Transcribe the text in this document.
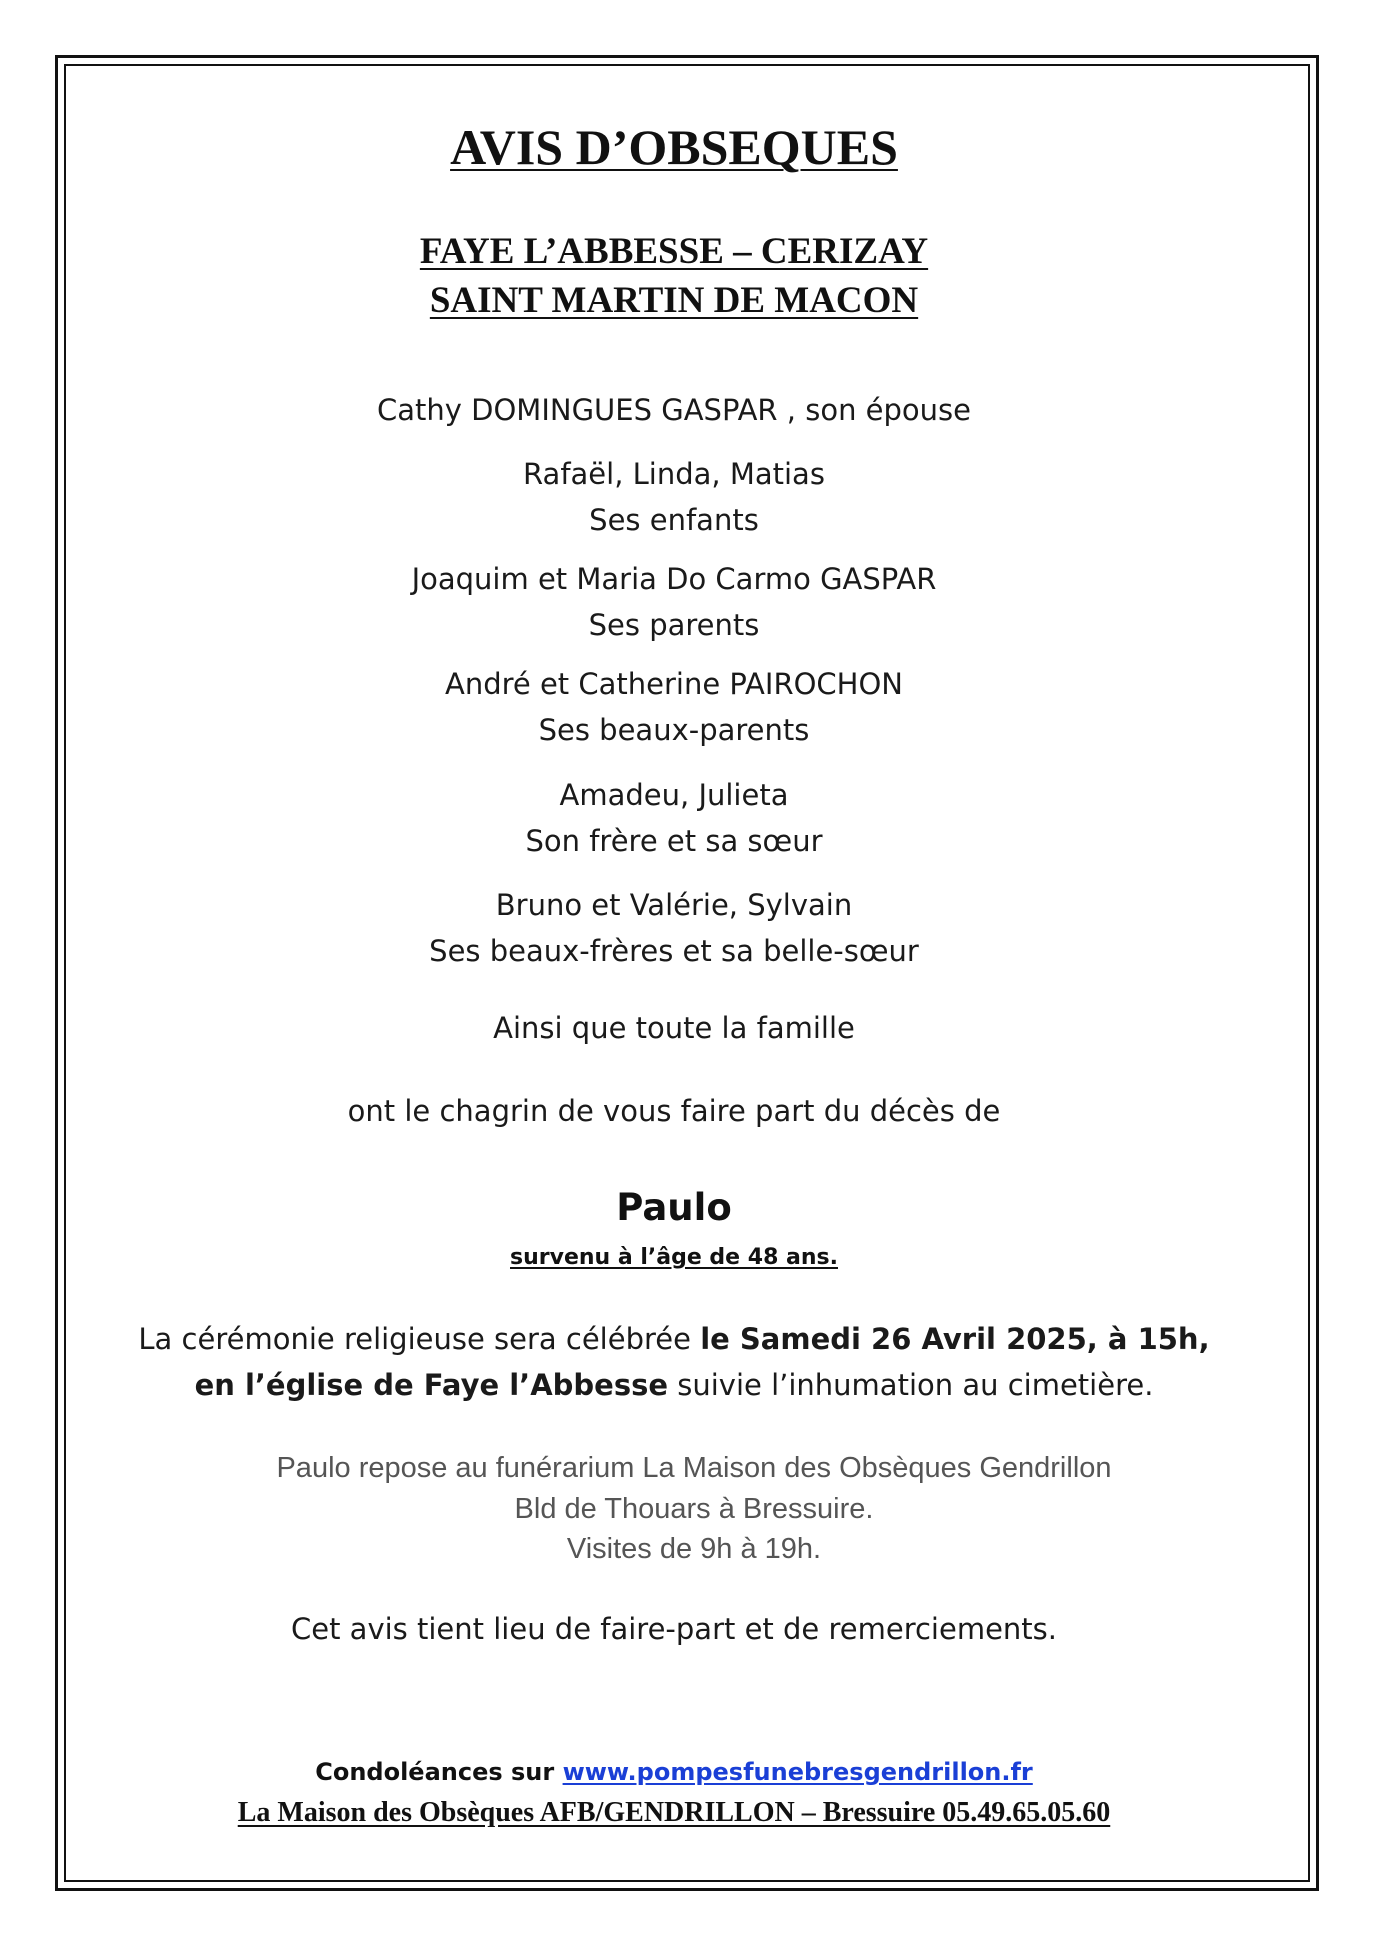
AVIS D’OBSEQUES
FAYE L’ABBESSE – CERIZAY
SAINT MARTIN DE MACON
Cathy DOMINGUES GASPAR , son épouse
Rafaël, Linda, Matias
Ses enfants
Joaquim et Maria Do Carmo GASPAR
Ses parents
André et Catherine PAIROCHON
Ses beaux-parents
Amadeu, Julieta
Son frère et sa sœur
Bruno et Valérie, Sylvain
Ses beaux-frères et sa belle-sœur
Ainsi que toute la famille
ont le chagrin de vous faire part du décès de
Paulo
survenu à l’âge de 48 ans.
La cérémonie religieuse sera célébrée le Samedi 26 Avril 2025, à 15h,
en l’église de Faye l’Abbesse suivie l’inhumation au cimetière.
Paulo repose au funérarium La Maison des Obsèques Gendrillon
Bld de Thouars à Bressuire.
Visites de 9h à 19h.
Cet avis tient lieu de faire-part et de remerciements.
Condoléances sur www.pompesfunebresgendrillon.fr
La Maison des Obsèques AFB/GENDRILLON – Bressuire 05.49.65.05.60
